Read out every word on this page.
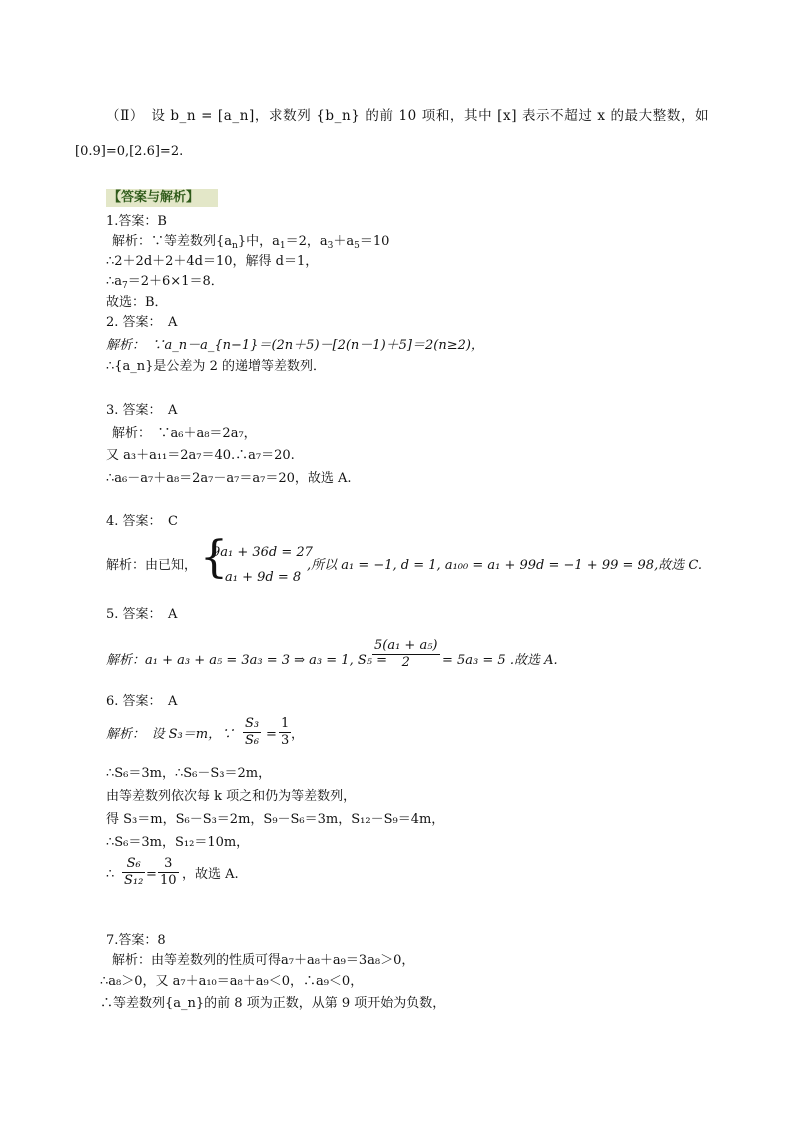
（Ⅱ）　设 b_n = [a_n]，求数列 {b_n} 的前 10 项和，其中 [x] 表示不超过 x 的最大整数，如
[0.9]=0,[2.6]=2.
【答案与解析】
1.答案：B
解析：∵等差数列$\{a_n\}$中，$a_1=2$，$a_3+a_5=10$
∴2＋2d＋2＋4d＝10，解得 d＝1，
$\therefore a_7=2+6\times 1=8$．
故选：B．
2. 答案：　A
解析：　∵a_n－a_{n−1}＝(2n＋5)－[2(n－1)＋5]＝2(n≥2)，
∴{a_n}是公差为 2 的递增等差数列．
3. 答案：　A
解析：　∵a₆＋a₈＝2a₇，
又 a₃＋a₁₁＝2a₇＝40.∴a₇＝20.
∴a₆－a₇＋a₈＝2a₇－a₇＝a₇＝20，故选 A.
4. 答案：　C
解析：由已知， {
9a₁ + 36d = 27
a₁ + 9d = 8
,所以 a₁ = −1, d = 1, a₁₀₀ = a₁ + 99d = −1 + 99 = 98,故选 C.
5. 答案：　A
解析：a₁ + a₃ + a₅ = 3a₃ = 3 ⇒ a₃ = 1, S₅ =
$\frac{\text{5(a₁ + a₅)}}{2} = 5a_3 = 5$ .故选 A.
6. 答案：　A
解析：　设 S₃＝m，∵ $\frac{\text{S₃}}{\text{S₆}} = \frac{1}{3}$ ，
∴S₆＝3m，∴S₆－S₃＝2m，
由等差数列依次每 k 项之和仍为等差数列，
得 S₃＝m，S₆－S₃＝2m，S₉－S₆＝3m，S₁₂－S₉＝4m，
∴S₆＝3m，S₁₂＝10m，
∴ $\frac{\text{S₆}}{\text{S₁₂}} = \frac{3}{10}$ ，故选 A.
7.答案：8
解析：由等差数列的性质可得a₇＋a₈＋a₉＝3a₈＞0，
∴a₈＞0，又 a₇＋a₁₀＝a₈＋a₉＜0，∴a₉＜0，
∴等差数列{a_n}的前 8 项为正数，从第 9 项开始为负数，
